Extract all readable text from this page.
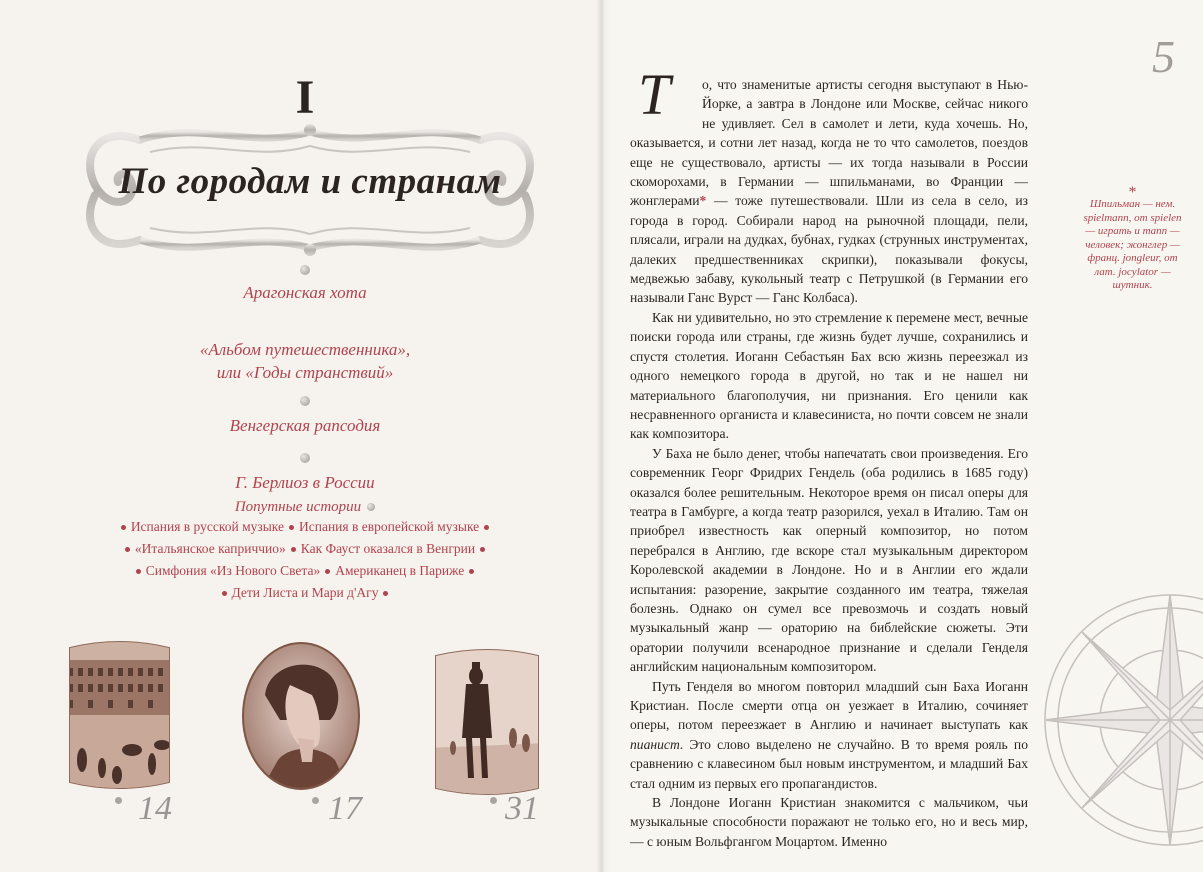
I
По городам и странам
Арагонская хота
«Альбом путешественника»,
или «Годы странствий»
Венгерская рапсодия
Г. Берлиоз в России
Попутные истории
Испания в русской музыке Испания в европейской музыке
«Итальянское каприччио» Как Фауст оказался в Венгрии
Симфония «Из Нового Света» Американец в Париже
Дети Листа и Мари д'Агу
14	17	31
5

Т о, что знаменитые артисты сегодня выступают в Нью-Йорке, а завтра в Лондоне или Москве, сейчас никого не удивляет. Сел в самолет и лети, куда хочешь. Но, оказывается, и сотни лет назад, когда не то что самолетов, поездов еще не существовало, артисты — их тогда называли в России скоморохами, в Германии — шпильманами, во Франции — жонглерами* — тоже путешествовали. Шли из села в село, из города в город. Собирали народ на рыночной площади, пели, плясали, играли на дудках, бубнах, гудках (струнных инструментах, далеких предшественниках скрипки), показывали фокусы, медвежью забаву, кукольный театр с Петрушкой (в Германии его называли Ганс Вурст — Ганс Колбаса).

Как ни удивительно, но это стремление к перемене мест, вечные поиски города или страны, где жизнь будет лучше, сохранились и спустя столетия. Иоганн Себастьян Бах всю жизнь переезжал из одного немецкого города в другой, но так и не нашел ни материального благополучия, ни признания. Его ценили как несравненного органиста и клавесиниста, но почти совсем не знали как композитора.

У Баха не было денег, чтобы напечатать свои произведения. Его современник Георг Фридрих Гендель (оба родились в 1685 году) оказался более решительным. Некоторое время он писал оперы для театра в Гамбурге, а когда театр разорился, уехал в Италию. Там он приобрел известность как оперный композитор, но потом перебрался в Англию, где вскоре стал музыкальным директором Королевской академии в Лондоне. Но и в Англии его ждали испытания: разорение, закрытие созданного им театра, тяжелая болезнь. Однако он сумел все превозмочь и создать новый музыкальный жанр — ораторию на библейские сюжеты. Эти оратории получили всенародное признание и сделали Генделя английским национальным композитором.

Путь Генделя во многом повторил младший сын Баха Иоганн Кристиан. После смерти отца он уезжает в Италию, сочиняет оперы, потом переезжает в Англию и начинает выступать как пианист. Это слово выделено не случайно. В то время рояль по сравнению с клавесином был новым инструментом, и младший Бах стал одним из первых его пропагандистов.

В Лондоне Иоганн Кристиан знакомится с мальчиком, чьи музыкальные способности поражают не только его, но и весь мир, — с юным Вольфгангом Моцартом. Именно

*
Шпильман — нем. spielmann, от spielen — играть и mann — человек; жонглер — франц. jongleur, от лат. jocylator — шутник.
